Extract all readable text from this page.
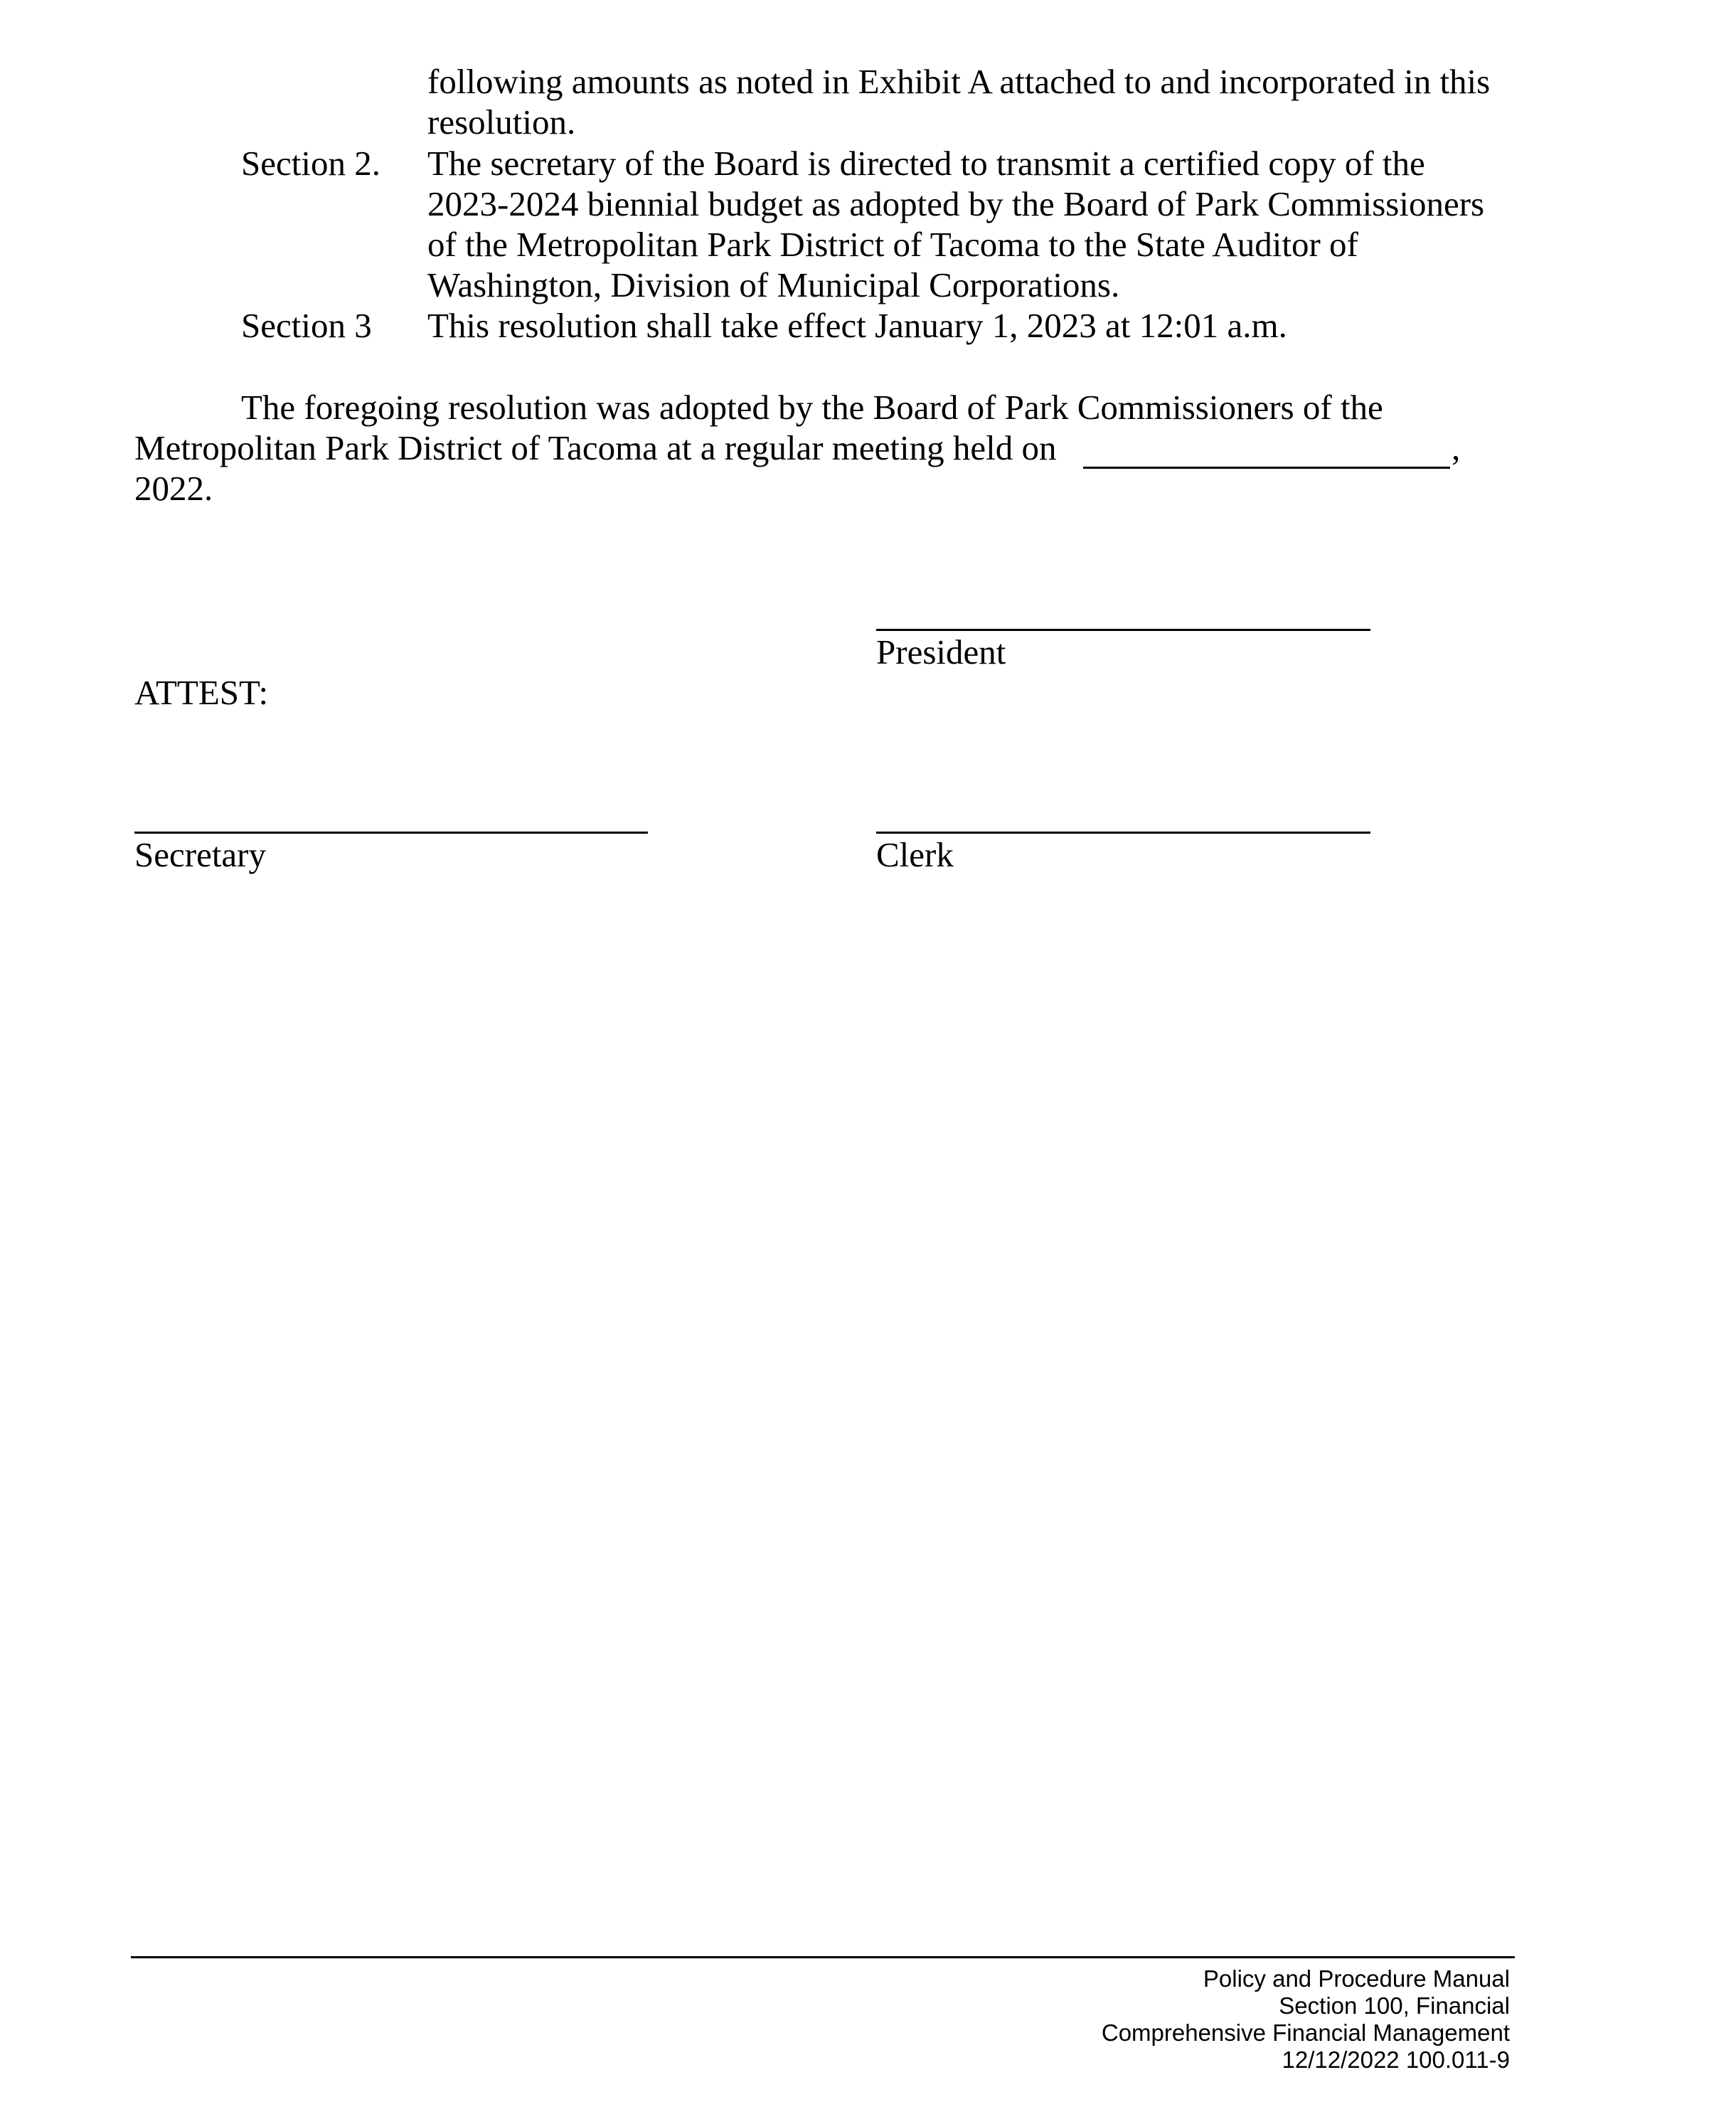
following amounts as noted in Exhibit A attached to and incorporated in this
resolution.
Section 2. The secretary of the Board is directed to transmit a certified copy of the
2023-2024 biennial budget as adopted by the Board of Park Commissioners
of the Metropolitan Park District of Tacoma to the State Auditor of
Washington, Division of Municipal Corporations.
Section 3 This resolution shall take effect January 1, 2023 at 12:01 a.m.
The foregoing resolution was adopted by the Board of Park Commissioners of the
Metropolitan Park District of Tacoma at a regular meeting held on	,
2022.
President
ATTEST:
Secretary	Clerk
Policy and Procedure Manual
Section 100, Financial
Comprehensive Financial Management
12/12/2022 100.011-9
